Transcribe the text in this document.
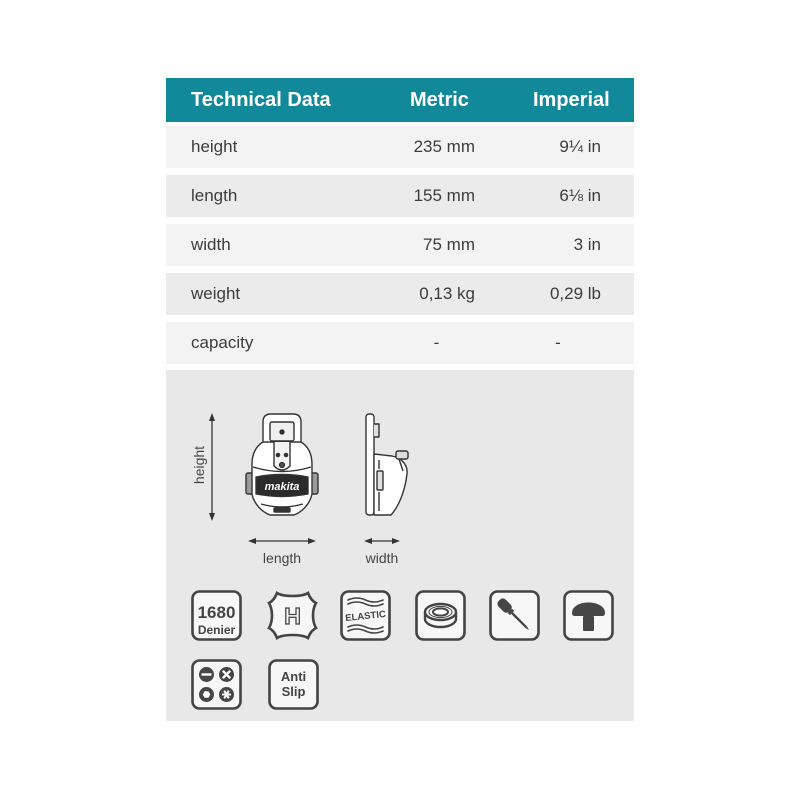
Technical Data	Metric	Imperial
height	235 mm	9¼ in
length	155 mm	6⅛ in
width	75 mm	3 in
weight	0,13 kg	0,29 lb
capacity	-	-
height
makita
length	width
1680
Denier
H	ELASTIC
Anti
Slip
